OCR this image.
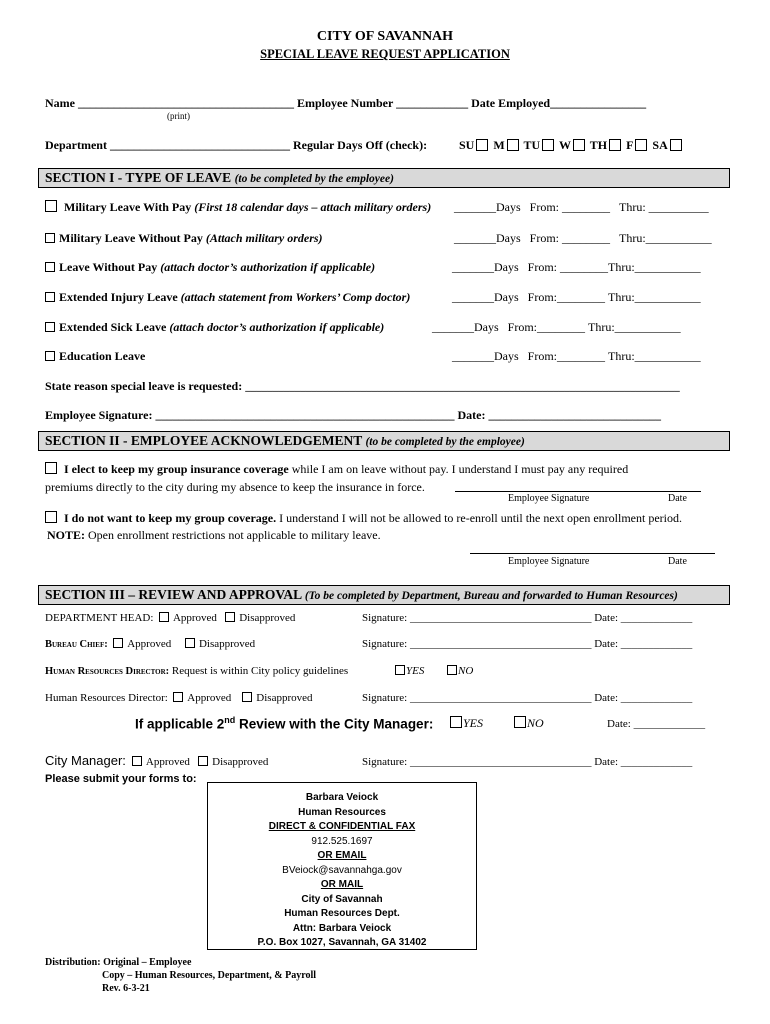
CITY OF SAVANNAH
SPECIAL LEAVE REQUEST APPLICATION
Name ____________________________________ Employee Number ____________ Date Employed________________
(print)
Department ______________________________ Regular Days Off (check):	SU M TU W TH F SA
SECTION I - TYPE OF LEAVE (to be completed by the employee)
Military Leave With Pay (First 18 calendar days – attach military orders) _______Days From: ________ Thru: __________
Military Leave Without Pay (Attach military orders)	_______Days From: ________ Thru:___________
Leave Without Pay (attach doctor’s authorization if applicable)	_______Days From: ________Thru:___________
Extended Injury Leave (attach statement from Workers’ Comp doctor)	_______Days From:________ Thru:___________
Extended Sick Leave (attach doctor’s authorization if applicable)	_______Days From:________ Thru:___________
Education Leave	_______Days From:________ Thru:___________
State reason special leave is requested: _______________________________________________________________________________
Employee Signature: ____________________________________________________ Date: ______________________________
SECTION II - EMPLOYEE ACKNOWLEDGEMENT (to be completed by the employee)
I elect to keep my group insurance coverage while I am on leave without pay. I understand I must pay any required
premiums directly to the city during my absence to keep the insurance in force.
Employee Signature	Date
I do not want to keep my group coverage. I understand I will not be allowed to re-enroll until the next open enrollment period.
NOTE: Open enrollment restrictions not applicable to military leave.
Employee Signature	Date
SECTION III – REVIEW AND APPROVAL (To be completed by Department, Bureau and forwarded to Human Resources)
DEPARTMENT HEAD: Approved Disapproved	Signature: _________________________________ Date: _____________
Bureau Chief: Approved	Disapproved	Signature: _________________________________ Date: _____________
Human Resources Director: Request is within City policy guidelines	YES	NO
Human Resources Director: Approved Disapproved	Signature: _________________________________ Date: _____________
If applicable 2nd Review with the City Manager:	YES	NO	Date: _____________
City Manager: Approved Disapproved	Signature: _________________________________ Date: _____________
Please submit your forms to:
Barbara Veiock
Human Resources
DIRECT & CONFIDENTIAL FAX
912.525.1697
OR EMAIL
BVeiock@savannahga.gov
OR MAIL
City of Savannah
Human Resources Dept.
Attn: Barbara Veiock
P.O. Box 1027, Savannah, GA 31402
Distribution: Original – Employee
Copy – Human Resources, Department, & Payroll
Rev. 6-3-21
